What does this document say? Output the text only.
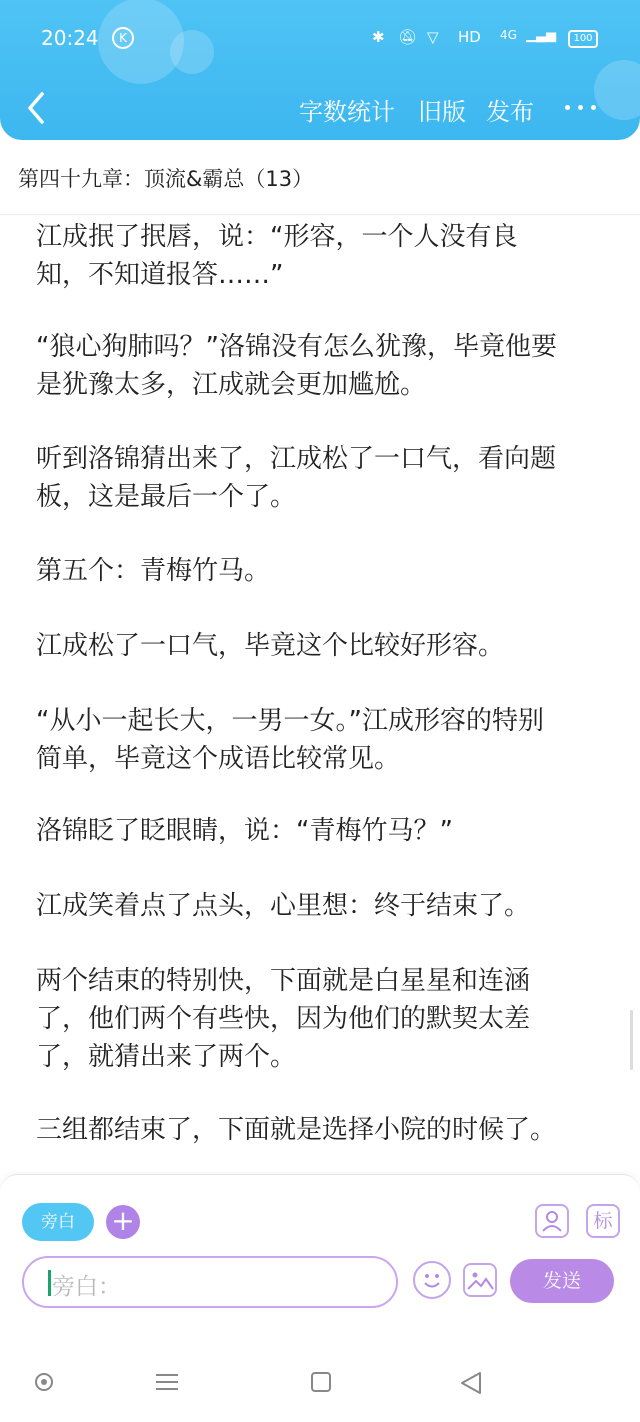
20:24	K	✱ 🔕︎ ▽ HD 4G ▁▃▅	100
字数统计 旧版 发布
第四十九章：顶流&霸总（13）

江成抿了抿唇，说：“形容，一个人没有良
知，不知道报答……”

“狼心狗肺吗？”洛锦没有怎么犹豫，毕竟他要
是犹豫太多，江成就会更加尴尬。

听到洛锦猜出来了，江成松了一口气，看向题
板，这是最后一个了。

第五个：青梅竹马。

江成松了一口气，毕竟这个比较好形容。

“从小一起长大，一男一女。”江成形容的特别
简单，毕竟这个成语比较常见。

洛锦眨了眨眼睛，说：“青梅竹马？”

江成笑着点了点头，心里想：终于结束了。

两个结束的特别快，下面就是白星星和连涵
了，他们两个有些快，因为他们的默契太差
了，就猜出来了两个。

三组都结束了，下面就是选择小院的时候了。

旁白	+	标
旁白：	发送
